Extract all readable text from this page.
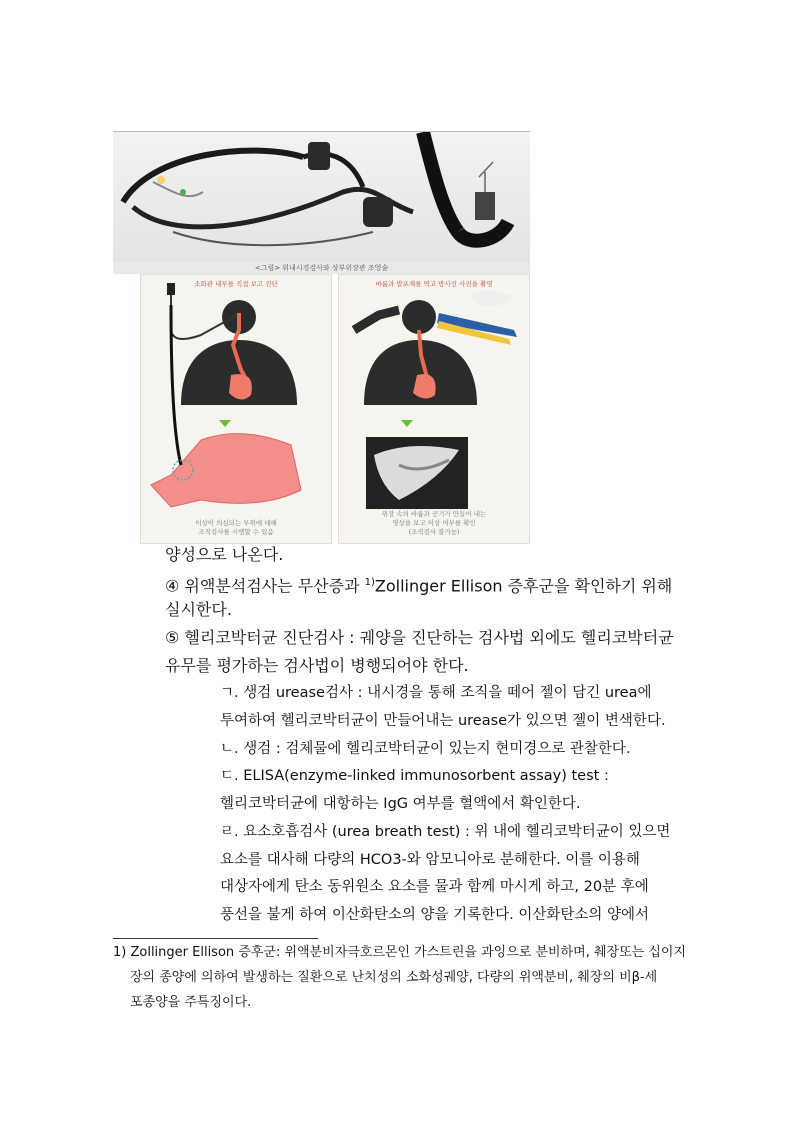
<그림> 위내시경검사와 상부위장관 조영술
소화관 내부를 직접 보고 진단
이상이 의심되는 부위에 대해
조직검사를 시행할 수 있음
바륨과 발포제를 먹고 방사선 사진을 촬영
위장 속의 바륨과 공기가 만들어 내는
영상을 보고 이상 여부를 확인
(조직검사 불가능)
양성으로 나온다.
④ 위액분석검사는 무산증과 $^{1)}$Zollinger Ellison 증후군을 확인하기 위해
실시한다.
⑤ 헬리코박터균 진단검사 : 궤양을 진단하는 검사법 외에도 헬리코박터균
유무를 평가하는 검사법이 병행되어야 한다.
ㄱ. 생검 urease검사 : 내시경을 통해 조직을 떼어 젤이 담긴 urea에
투여하여 헬리코박터균이 만들어내는 urease가 있으면 젤이 변색한다.
ㄴ. 생검 : 검체물에 헬리코박터균이 있는지 현미경으로 관찰한다.
ㄷ. ELISA(enzyme-linked immunosorbent assay) test :
헬리코박터균에 대항하는 IgG 여부를 혈액에서 확인한다.
ㄹ. 요소호흡검사 (urea breath test) : 위 내에 헬리코박터균이 있으면
요소를 대사해 다량의 HCO3-와 암모니아로 분해한다. 이를 이용해
대상자에게 탄소 동위원소 요소를 물과 함께 마시게 하고, 20분 후에
풍선을 불게 하여 이산화탄소의 양을 기록한다. 이산화탄소의 양에서
1) Zollinger Ellison 증후군: 위액분비자극호르몬인 가스트린을 과잉으로 분비하며, 췌장또는 십이지
장의 종양에 의하여 발생하는 질환으로 난치성의 소화성궤양, 다량의 위액분비, 췌장의 비β-세
포종양을 주특징이다.
